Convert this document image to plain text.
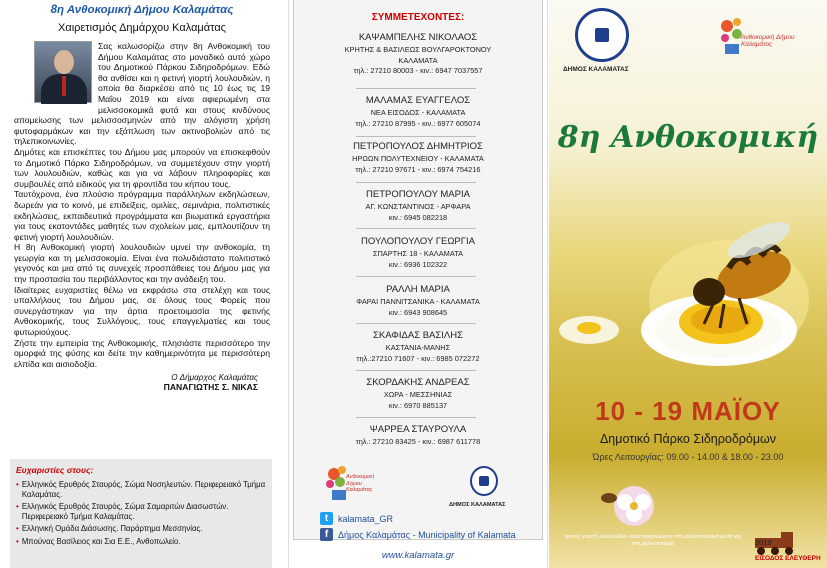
8η Ανθοκομική Δήμου Καλαμάτας
Χαιρετισμός Δημάρχου Καλαμάτας

Σας καλωσορίζω στην 8η Ανθοκομική του Δήμου Καλαμάτας στο μοναδικό αυτό χώρο του Δημοτικού Πάρκου Σιδηροδρόμων. Εδώ θα ανθίσει και η φετινή γιορτή λουλουδιών, η οποία θα διαρκέσει από τις 10 έως τις 19 Μαΐου 2019 και είναι αφιερωμένη στα μελισσοκομικά φυτά και στους κινδύνους απομείωσης των μελισσοσμηνών από την αλόγιστη χρήση φυτοφαρμάκων και την εξάπλωση των ακτινοβολιών από τις τηλεπικοινωνίες.

Δημότες και επισκέπτες του Δήμου μας μπορούν να επισκεφθούν το Δημοτικό Πάρκο Σιδηροδρόμων, να συμμετέχουν στην γιορτή των λουλουδιών, καθώς και για να λάβουν πληροφορίες και συμβουλές από ειδικούς για τη φροντίδα του κήπου τους.

Ταυτόχρονα, ένα πλούσιο πρόγραμμα παράλληλων εκδηλώσεων, δωρεάν για το κοινό, με επιδείξεις, ομιλίες, σεμινάρια, πολιτιστικές εκδηλώσεις, εκπαιδευτικά προγράμματα και βιωματικά εργαστήρια για τους εκατοντάδες μαθητές των σχολείων μας, εμπλουτίζουν τη φετινή γιορτή λουλουδιών.

Η 8η Ανθοκομική γιορτή λουλουδιών υμνεί την ανθοκομία, τη γεωργία και τη μελισσοκομία. Είναι ένα πολυδιάστατο πολιτιστικό γεγονός και μια από τις συνεχείς προσπάθειες του Δήμου μας για την προστασία του περιβάλλοντος και την ανάδειξη του.

Ιδιαίτερες ευχαριστίες θέλω να εκφράσω στα στελέχη και τους υπαλλήλους του Δήμου μας, σε όλους τους Φορείς που συνεργάστηκαν για την άρτια προετοιμασία της φετινής Ανθοκομικής, τους Συλλόγους, τους επαγγελματίες και τους φυτωριούχους.

Ζήστε την εμπειρία της Ανθοκομικής, πλησιάστε περισσότερο την ομορφιά της φύσης και δείτε την καθημερινότητα με περισσότερη ελπίδα και αισιοδοξία.

Ο Δήμαρχος Καλαμάτας
ΠΑΝΑΓΙΩΤΗΣ Σ. ΝΙΚΑΣ
Ευχαριστίες στους:
• Ελληνικός Ερυθρός Σταυρός, Σώμα Νοσηλευτών. Περιφερειακό Τμήμα Καλαμάτας.
• Ελληνικός Ερυθρός Σταυρός, Σώμα Σαμαριτών Διασωστών. Περιφερειακό Τμήμα Καλαμάτας.
• Ελληνική Ομάδα Διάσωσης. Παράρτημα Μεσσηνίας.
• Μπούνας Βασίλειος και Σια Ε.Ε., Ανθοπωλείο.
ΣΥΜΜΕΤΕΧΟΝΤΕΣ:
ΚΑΨΑΜΠΕΛΗΣ ΝΙΚΟΛΑΟΣ
ΚΡΗΤΗΣ & ΒΑΣΙΛΕΩΣ ΒΟΥΛΓΑΡΟΚΤΟΝΟΥ
ΚΑΛΑΜΑΤΑ
τηλ.: 27210 80003 - κιν.: 6947 7037557
ΜΑΛΑΜΑΣ ΕΥΑΓΓΕΛΟΣ
ΝΕΑ ΕΙΣΟΔΟΣ - ΚΑΛΑΜΑΤΑ
τηλ.: 27210 87995 - κιν.: 6977 605074
ΠΕΤΡΟΠΟΥΛΟΣ ΔΗΜΗΤΡΙΟΣ
ΗΡΩΩΝ ΠΟΛΥΤΕΧΝΕΙΟΥ - ΚΑΛΑΜΑΤΑ
τηλ.: 27210 97671 - κιν.: 6974 754216
ΠΕΤΡΟΠΟΥΛΟΥ ΜΑΡΙΑ
ΑΓ. ΚΩΝΣΤΑΝΤΙΝΟΣ - ΑΡΦΑΡΑ
κιν.: 6945 082218
ΠΟΥΛΟΠΟΥΛΟΥ ΓΕΩΡΓΙΑ
ΣΠΑΡΤΗΣ 18 - ΚΑΛΑΜΑΤΑ
κιν.: 6936 102322
ΡΑΛΛΗ ΜΑΡΙΑ
ΦΑΡΑΙ ΠΑΝΝΙΤΣΑΝΙΚΑ - ΚΑΛΑΜΑΤΑ
κιν.: 6943 908645
ΣΚΑΦΙΔΑΣ ΒΑΣΙΛΗΣ
ΚΑΣΤΑΝΙΑ-ΜΑΝΗΣ
τηλ.:27210 71607 - κιν.: 6985 072272
ΣΚΟΡΔΑΚΗΣ ΑΝΔΡΕΑΣ
ΧΩΡΑ - ΜΕΣΣΗΝΙΑΣ
κιν.: 6970 885137
ΨΑΡΡΕΑ ΣΤΑΥΡΟΥΛΑ
τηλ.: 27210 83425 - κιν.: 6987 611778
Ανθοκομική Δήμου Καλαμάτας
ΔΗΜΟΣ ΚΑΛΑΜΑΤΑΣ
t	kalamata_GR
f	Δήμος Καλαμάτας - Municipality of Kalamata
www.kalamata.gr
ΔΗΜΟΣ ΚΑΛΑΜΑΤΑΣ
Ανθοκομική Δήμου Καλαμάτας
8η Ανθοκομική
10 - 19 ΜΑΪΟΥ
Δημοτικό Πάρκο Σιδηροδρόμων
Ώρες Λειτουργίας: 09.00 - 14.00 & 18.00 - 23.00
φετινή γιορτή λουλουδιών είναι αφιερωμένη στα μελισσοκομικά φυτά και στη μελισσοκομία	2019
ΕΙΣΟΔΟΣ ΕΛΕΥΘΕΡΗ
